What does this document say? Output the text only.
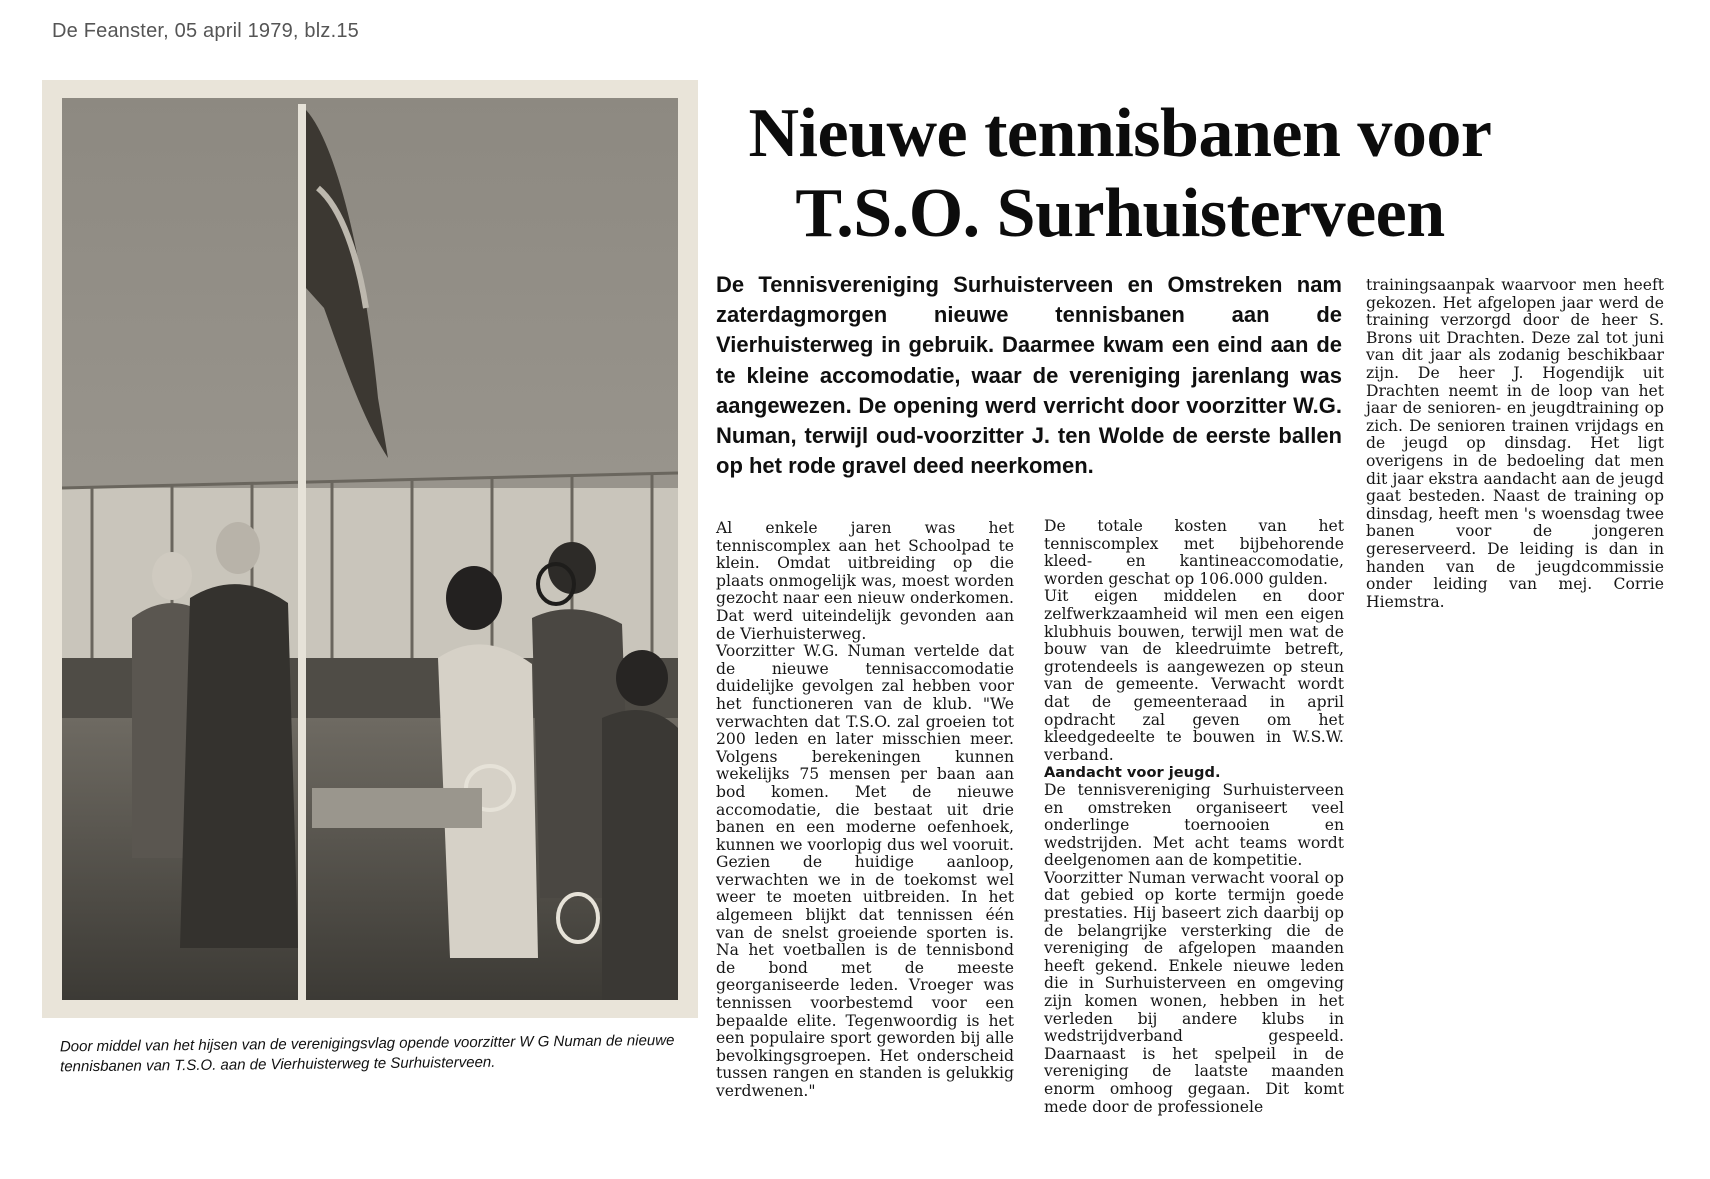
De Feanster, 05 april 1979, blz.15
Door middel van het hijsen van de verenigingsvlag opende voorzitter W G Numan de nieuwe tennisbanen van T.S.O. aan de Vierhuisterweg te Surhuisterveen.
Nieuwe tennisbanen voor
T.S.O. Surhuisterveen
De Tennisvereniging Surhuisterveen en Omstreken nam zaterdagmorgen nieuwe tennisbanen aan de Vierhuisterweg in gebruik. Daarmee kwam een eind aan de te kleine accomodatie, waar de vereniging jarenlang was aangewezen. De opening werd verricht door voorzitter W.G. Numan, terwijl oud-voorzitter J. ten Wolde de eerste ballen op het rode gravel deed neerkomen.

Al enkele jaren was het tenniscomplex aan het Schoolpad te klein. Omdat uitbreiding op die plaats onmogelijk was, moest worden gezocht naar een nieuw onderkomen. Dat werd uiteindelijk gevonden aan de Vierhuisterweg.

Voorzitter W.G. Numan vertelde dat de nieuwe tennisaccomodatie duidelijke gevolgen zal hebben voor het functioneren van de klub. "We verwachten dat T.S.O. zal groeien tot 200 leden en later misschien meer. Volgens berekeningen kunnen wekelijks 75 mensen per baan aan bod komen. Met de nieuwe accomodatie, die bestaat uit drie banen en een moderne oefenhoek, kunnen we voorlopig dus wel vooruit. Gezien de huidige aanloop, verwachten we in de toekomst wel weer te moeten uitbreiden. In het algemeen blijkt dat tennissen één van de snelst groeiende sporten is. Na het voetballen is de tennisbond de bond met de meeste georganiseerde leden. Vroeger was tennissen voorbestemd voor een bepaalde elite. Tegenwoordig is het een populaire sport geworden bij alle bevolkingsgroepen. Het onderscheid tussen rangen en standen is gelukkig verdwenen."

De totale kosten van het tenniscomplex met bijbehorende kleed- en kantineaccomodatie, worden geschat op 106.000 gulden.

Uit eigen middelen en door zelfwerkzaamheid wil men een eigen klubhuis bouwen, terwijl men wat de bouw van de kleedruimte betreft, grotendeels is aangewezen op steun van de gemeente. Verwacht wordt dat de gemeenteraad in april opdracht zal geven om het kleedgedeelte te bouwen in W.S.W. verband.

Aandacht voor jeugd.

De tennisvereniging Surhuisterveen en omstreken organiseert veel onderlinge toernooien en wedstrijden. Met acht teams wordt deelgenomen aan de kompetitie.

Voorzitter Numan verwacht vooral op dat gebied op korte termijn goede prestaties. Hij baseert zich daarbij op de belangrijke versterking die de vereniging de afgelopen maanden heeft gekend. Enkele nieuwe leden die in Surhuisterveen en omgeving zijn komen wonen, hebben in het verleden bij andere klubs in wedstrijdverband gespeeld. Daarnaast is het spelpeil in de vereniging de laatste maanden enorm omhoog gegaan. Dit komt mede door de professionele

trainingsaanpak waarvoor men heeft gekozen. Het afgelopen jaar werd de training verzorgd door de heer S. Brons uit Drachten. Deze zal tot juni van dit jaar als zodanig beschikbaar zijn. De heer J. Hogendijk uit Drachten neemt in de loop van het jaar de senioren- en jeugdtraining op zich. De senioren trainen vrijdags en de jeugd op dinsdag. Het ligt overigens in de bedoeling dat men dit jaar ekstra aandacht aan de jeugd gaat besteden. Naast de training op dinsdag, heeft men 's woensdag twee banen voor de jongeren gereserveerd. De leiding is dan in handen van de jeugdcommissie onder leiding van mej. Corrie Hiemstra.
